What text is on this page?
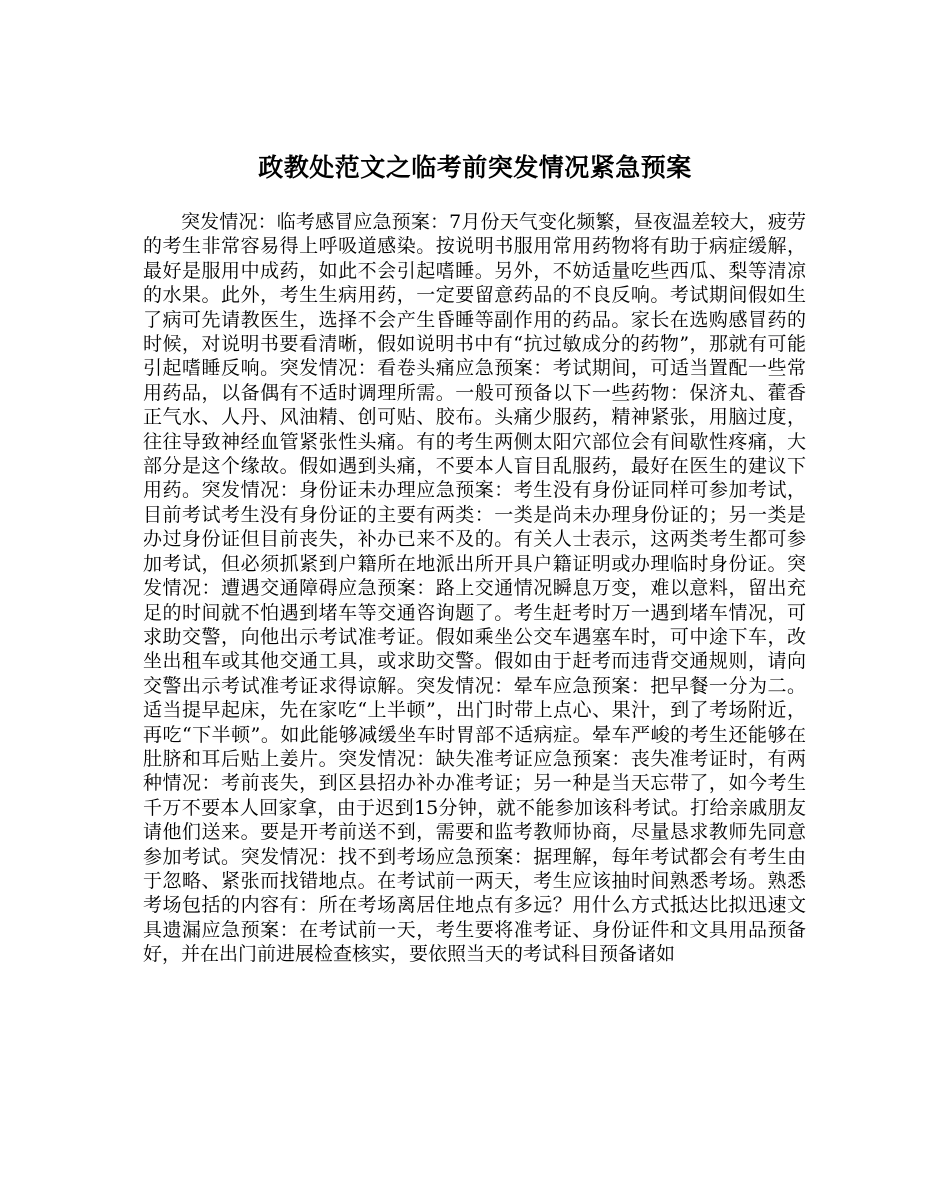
政教处范文之临考前突发情况紧急预案

突发情况：临考感冒应急预案：7月份天气变化频繁，昼夜温差较大，疲劳的考生非常容易得上呼吸道感染。按说明书服用常用药物将有助于病症缓解，最好是服用中成药，如此不会引起嗜睡。另外，不妨适量吃些西瓜、梨等清凉的水果。此外，考生生病用药，一定要留意药品的不良反响。考试期间假如生了病可先请教医生，选择不会产生昏睡等副作用的药品。家长在选购感冒药的时候，对说明书要看清晰，假如说明书中有“抗过敏成分的药物”，那就有可能引起嗜睡反响。突发情况：看卷头痛应急预案：考试期间，可适当置配一些常用药品，以备偶有不适时调理所需。一般可预备以下一些药物：保济丸、藿香正气水、人丹、风油精、创可贴、胶布。头痛少服药，精神紧张，用脑过度，往往导致神经血管紧张性头痛。有的考生两侧太阳穴部位会有间歇性疼痛，大部分是这个缘故。假如遇到头痛，不要本人盲目乱服药，最好在医生的建议下用药。突发情况：身份证未办理应急预案：考生没有身份证同样可参加考试，目前考试考生没有身份证的主要有两类：一类是尚未办理身份证的；另一类是办过身份证但目前丧失，补办已来不及的。有关人士表示，这两类考生都可参加考试，但必须抓紧到户籍所在地派出所开具户籍证明或办理临时身份证。突发情况：遭遇交通障碍应急预案：路上交通情况瞬息万变，难以意料，留出充足的时间就不怕遇到堵车等交通咨询题了。考生赶考时万一遇到堵车情况，可求助交警，向他出示考试准考证。假如乘坐公交车遇塞车时，可中途下车，改坐出租车或其他交通工具，或求助交警。假如由于赶考而违背交通规则，请向交警出示考试准考证求得谅解。突发情况：晕车应急预案：把早餐一分为二。适当提早起床，先在家吃“上半顿”，出门时带上点心、果汁，到了考场附近，再吃“下半顿”。如此能够减缓坐车时胃部不适病症。晕车严峻的考生还能够在肚脐和耳后贴上姜片。突发情况：缺失准考证应急预案：丧失准考证时，有两种情况：考前丧失，到区县招办补办准考证；另一种是当天忘带了，如今考生千万不要本人回家拿，由于迟到15分钟，就不能参加该科考试。打给亲戚朋友请他们送来。要是开考前送不到，需要和监考教师协商，尽量恳求教师先同意参加考试。突发情况：找不到考场应急预案：据理解，每年考试都会有考生由于忽略、紧张而找错地点。在考试前一两天，考生应该抽时间熟悉考场。熟悉考场包括的内容有：所在考场离居住地点有多远？用什么方式抵达比拟迅速文具遗漏应急预案：在考试前一天，考生要将准考证、身份证件和文具用品预备好，并在出门前进展检查核实，要依照当天的考试科目预备诸如
